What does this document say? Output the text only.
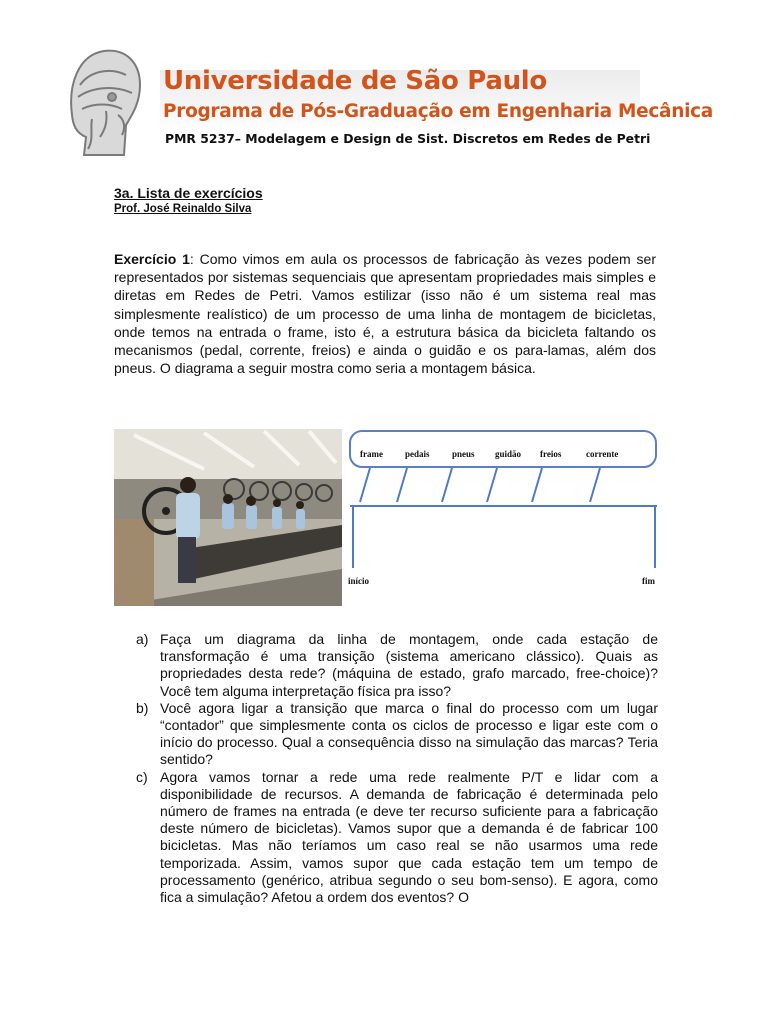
Universidade de São Paulo
Programa de Pós-Graduação em Engenharia Mecânica
PMR 5237– Modelagem e Design de Sist. Discretos em Redes de Petri
3a. Lista de exercícios
Prof. José Reinaldo Silva
Exercício 1: Como vimos em aula os processos de fabricação às vezes podem ser representados por sistemas sequenciais que apresentam propriedades mais simples e diretas em Redes de Petri. Vamos estilizar (isso não é um sistema real mas simplesmente realístico) de um processo de uma linha de montagem de bicicletas, onde temos na entrada o frame, isto é, a estrutura básica da bicicleta faltando os mecanismos (pedal, corrente, freios) e ainda o guidão e os para-lamas, além dos pneus. O diagrama a seguir mostra como seria a montagem básica.
frame pedais pneus guidão freios	corrente
início	fim
a) Faça um diagrama da linha de montagem, onde cada estação de transformação é uma transição (sistema americano clássico). Quais as propriedades desta rede? (máquina de estado, grafo marcado, free-choice)? Você tem alguma interpretação física pra isso?
b) Você agora ligar a transição que marca o final do processo com um lugar “contador” que simplesmente conta os ciclos de processo e ligar este com o início do processo. Qual a consequência disso na simulação das marcas? Teria sentido?
c) Agora vamos tornar a rede uma rede realmente P/T e lidar com a disponibilidade de recursos. A demanda de fabricação é determinada pelo número de frames na entrada (e deve ter recurso suficiente para a fabricação deste número de bicicletas). Vamos supor que a demanda é de fabricar 100 bicicletas. Mas não teríamos um caso real se não usarmos uma rede temporizada. Assim, vamos supor que cada estação tem um tempo de processamento (genérico, atribua segundo o seu bom-senso). E agora, como fica a simulação? Afetou a ordem dos eventos? O
